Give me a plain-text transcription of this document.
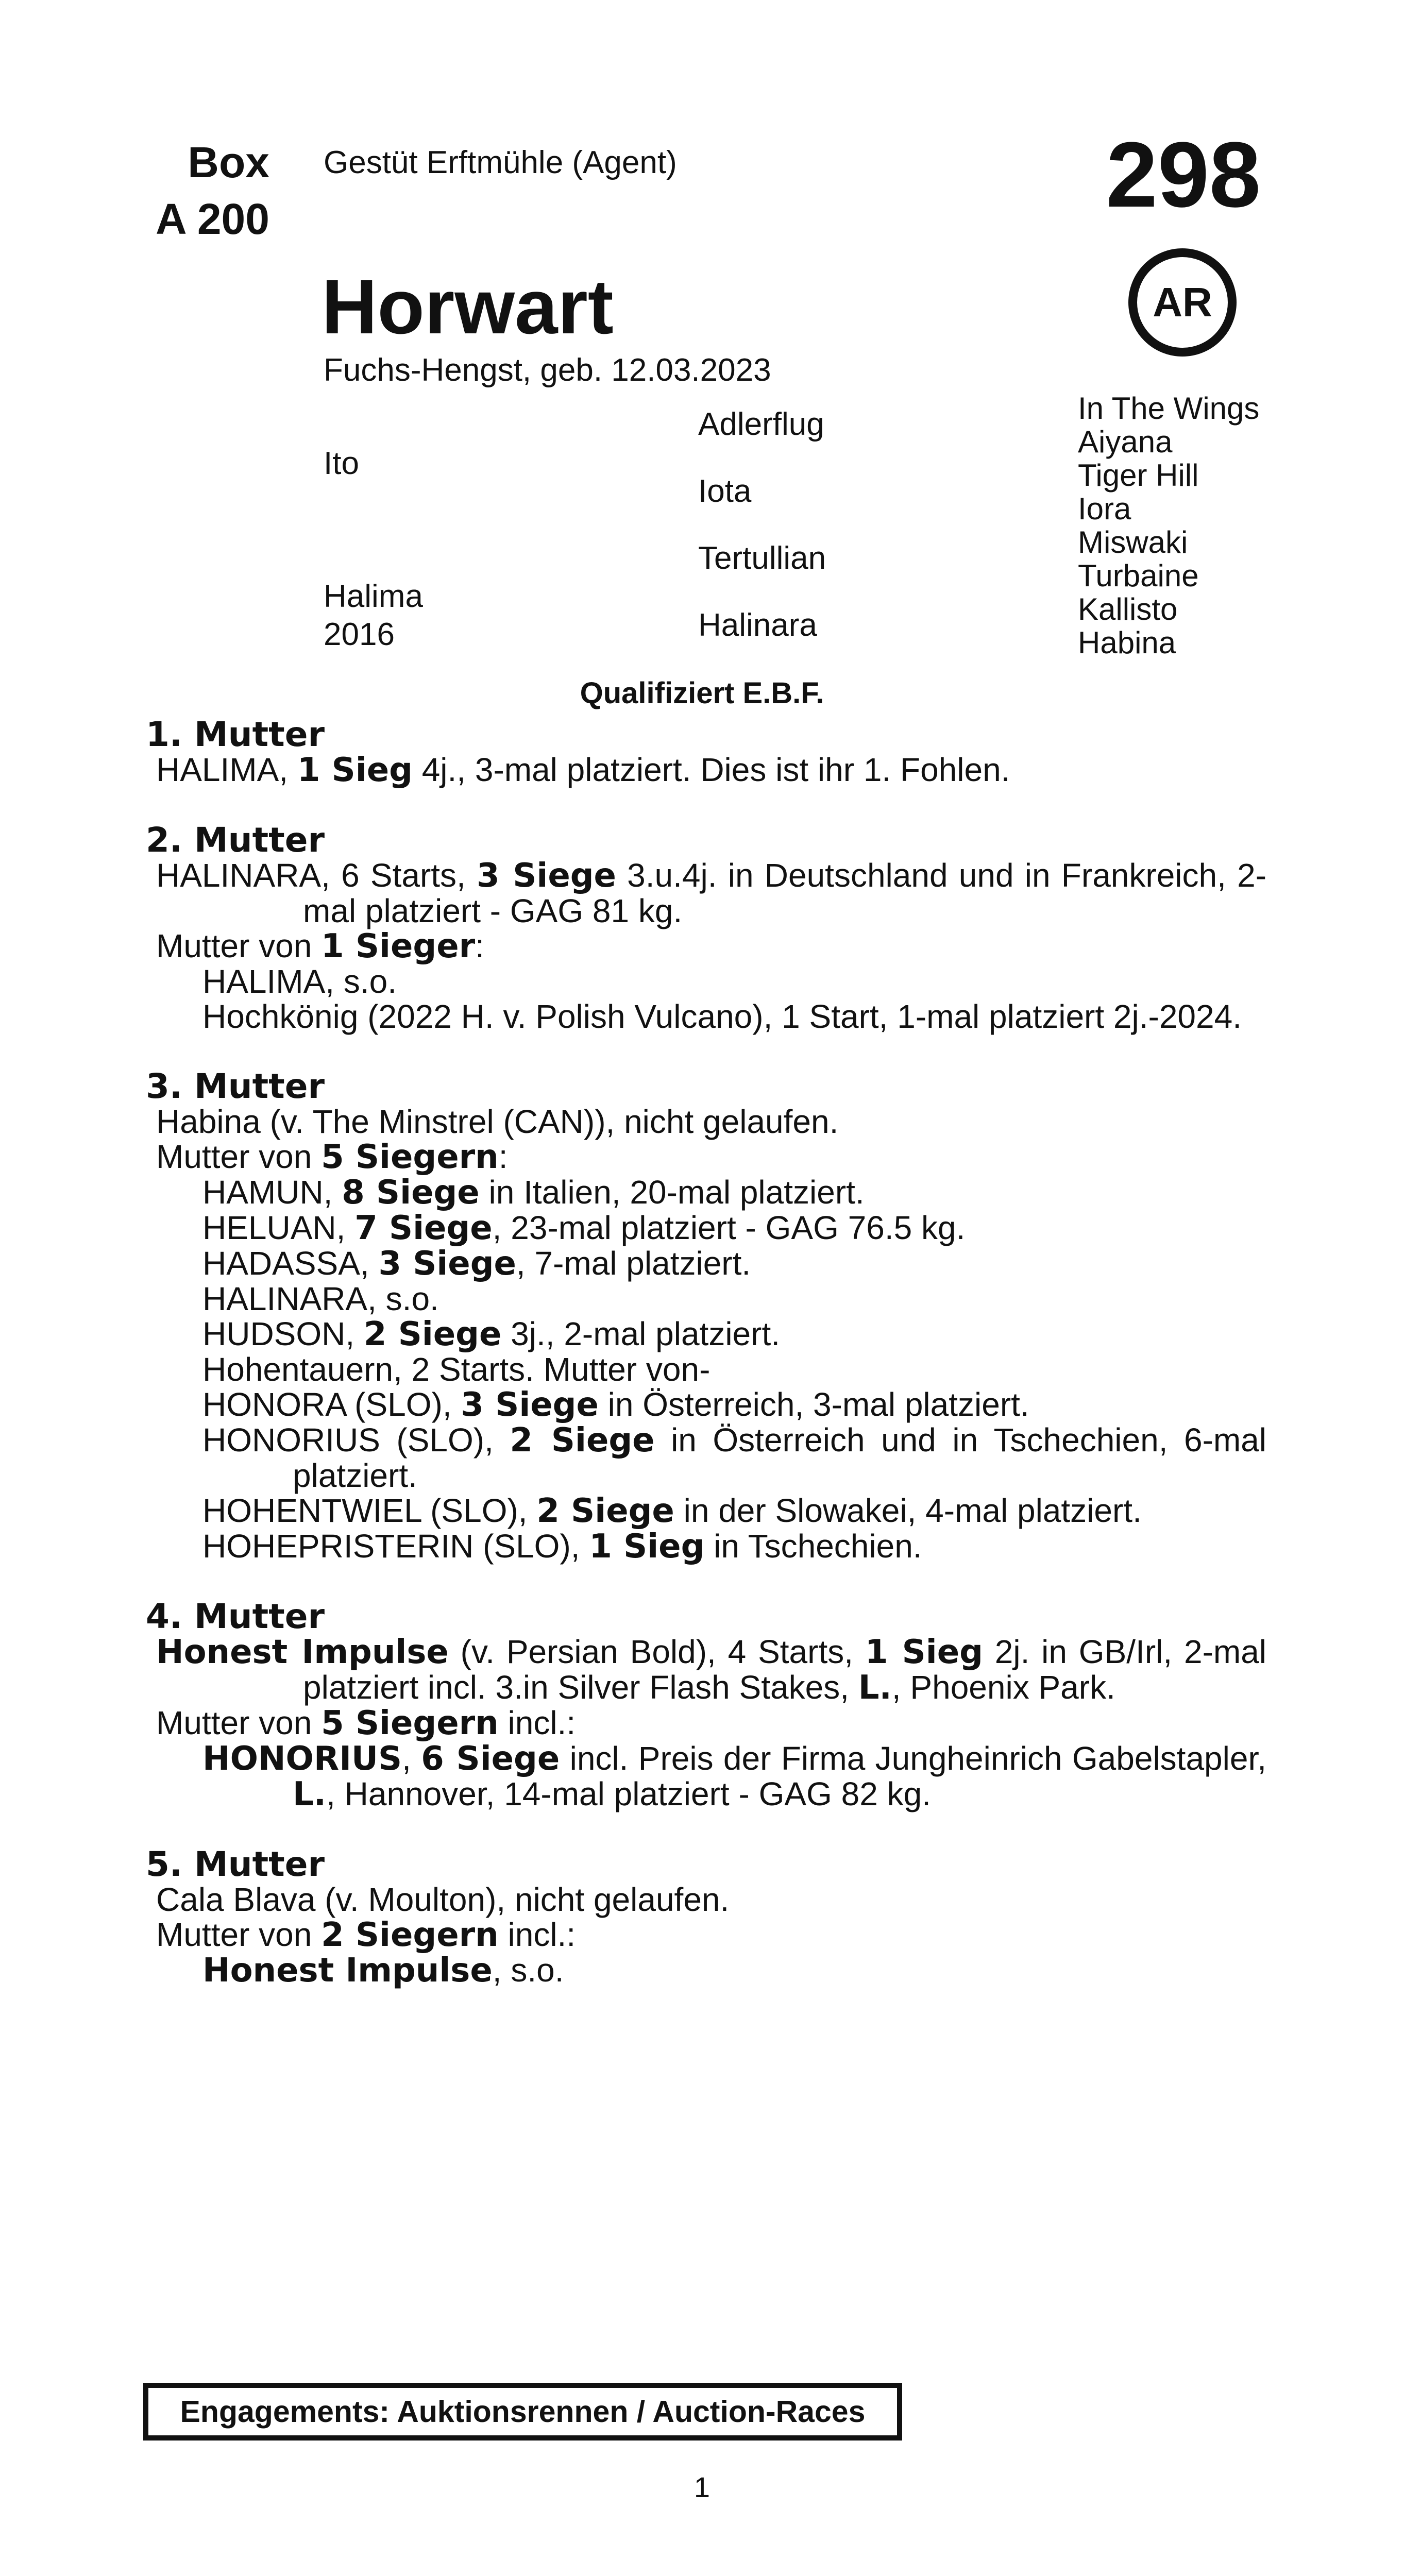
Box
A 200
Gestüt Erftmühle (Agent)	298
AR
Horwart
Fuchs-Hengst, geb. 12.03.2023
Ito
Halima
2016
Adlerflug
Iota
Tertullian
Halinara
In The Wings
Aiyana
Tiger Hill
Iora
Miswaki
Turbaine
Kallisto
Habina
Qualifiziert E.B.F.
1. Mutter
HALIMA, 1 Sieg 4j., 3-mal platziert. Dies ist ihr 1. Fohlen.
2. Mutter
HALINARA, 6 Starts, 3 Siege 3.u.4j. in Deutschland und in Frankreich, 2-mal platziert - GAG 81 kg.
Mutter von 1 Sieger:
HALIMA, s.o.
Hochkönig (2022 H. v. Polish Vulcano), 1 Start, 1-mal platziert 2j.-2024.
3. Mutter
Habina (v. The Minstrel (CAN)), nicht gelaufen.
Mutter von 5 Siegern:
HAMUN, 8 Siege in Italien, 20-mal platziert.
HELUAN, 7 Siege, 23-mal platziert - GAG 76.5 kg.
HADASSA, 3 Siege, 7-mal platziert.
HALINARA, s.o.
HUDSON, 2 Siege 3j., 2-mal platziert.
Hohentauern, 2 Starts. Mutter von-
HONORA (SLO), 3 Siege in Österreich, 3-mal platziert.
HONORIUS (SLO), 2 Siege in Österreich und in Tschechien, 6-mal platziert.
HOHENTWIEL (SLO), 2 Siege in der Slowakei, 4-mal platziert.
HOHEPRISTERIN (SLO), 1 Sieg in Tschechien.
4. Mutter
Honest Impulse (v. Persian Bold), 4 Starts, 1 Sieg 2j. in GB/Irl, 2-mal platziert incl. 3.in Silver Flash Stakes, L., Phoenix Park.
Mutter von 5 Siegern incl.:
HONORIUS, 6 Siege incl. Preis der Firma Jungheinrich Gabelstapler, L., Hannover, 14-mal platziert - GAG 82 kg.
5. Mutter
Cala Blava (v. Moulton), nicht gelaufen.
Mutter von 2 Siegern incl.:
Honest Impulse, s.o.
Engagements: Auktionsrennen / Auction-Races
1
